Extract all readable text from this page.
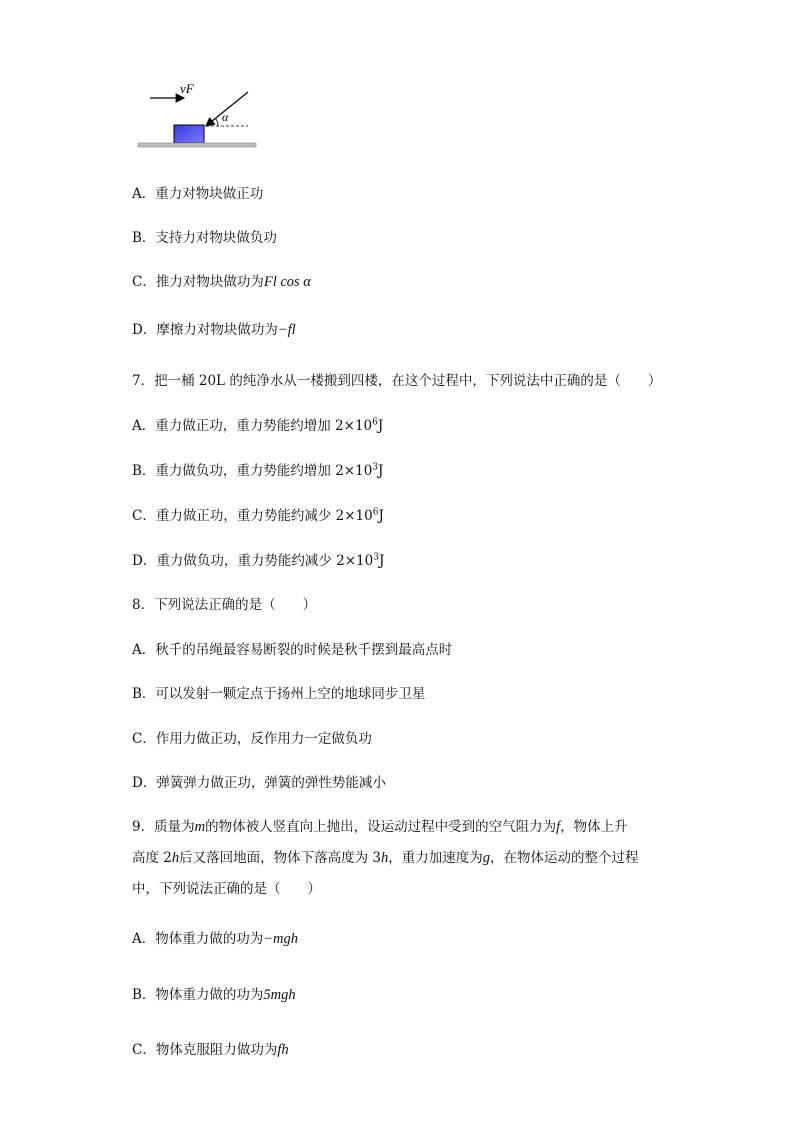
vF
α
A．重力对物块做正功
B．支持力对物块做负功
C．推力对物块做功为Fl cos α
D．摩擦力对物块做功为−fl
7．把一桶 20L 的纯净水从一楼搬到四楼，在这个过程中，下列说法中正确的是（　　）
A．重力做正功，重力势能约增加 $2\times 10^6J$
B．重力做负功，重力势能约增加 $2\times 10^3J$
C．重力做正功，重力势能约减少 $2\times 10^6J$
D．重力做负功，重力势能约减少 $2\times 10^3J$
8．下列说法正确的是（　　）
A．秋千的吊绳最容易断裂的时候是秋千摆到最高点时
B．可以发射一颗定点于扬州上空的地球同步卫星
C．作用力做正功，反作用力一定做负功
D．弹簧弹力做正功，弹簧的弹性势能减小
9．质量为m的物体被人竖直向上抛出，设运动过程中受到的空气阻力为f，物体上升
高度 2h后又落回地面，物体下落高度为 3h，重力加速度为g，在物体运动的整个过程
中，下列说法正确的是（　　）
A．物体重力做的功为−mgh
B．物体重力做的功为5mgh
C．物体克服阻力做功为fh
